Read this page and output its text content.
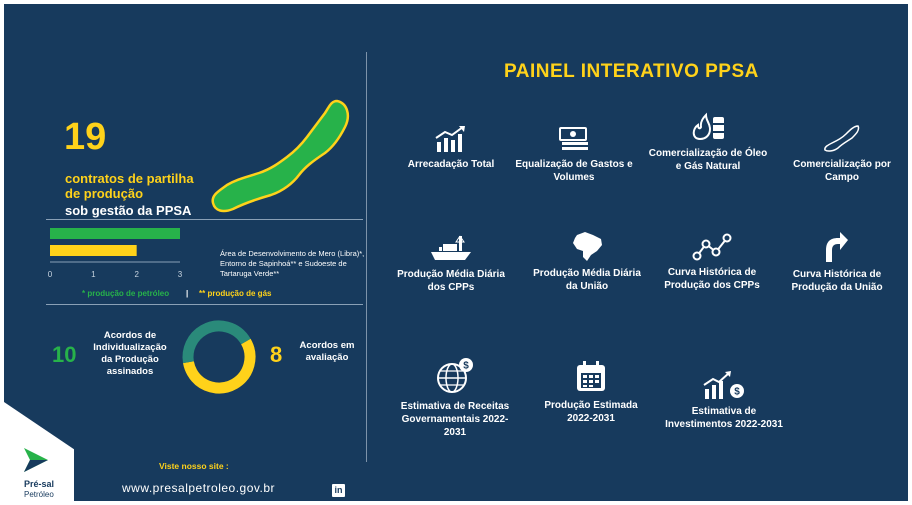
19
contratos de partilha
de produção
sob gestão da PPSA
0	1	2	3
Área de Desenvolvimento de Mero (Libra)*, Entorno de Sapinhoá** e Sudoeste de Tartaruga Verde**
* produção de petróleo | ** produção de gás
10
Acordos de Individualização da Produção assinados
8	Acordos em avaliação
Viste nosso site :
www.presalpetroleo.gov.br	in
Pré-sal
Petróleo
PAINEL INTERATIVO PPSA
Arrecadação Total	Equalização de Gastos e Volumes
Comercialização de Óleo e Gás Natural	Comercialização por Campo
Produção Média Diária dos CPPs
Produção Média Diária da União
Curva Histórica de Produção dos CPPs
Curva Histórica de Produção da União
$
Estimativa de Receitas Governamentais 2022-2031
Produção Estimada 2022-2031
$
Estimativa de Investimentos 2022-2031
